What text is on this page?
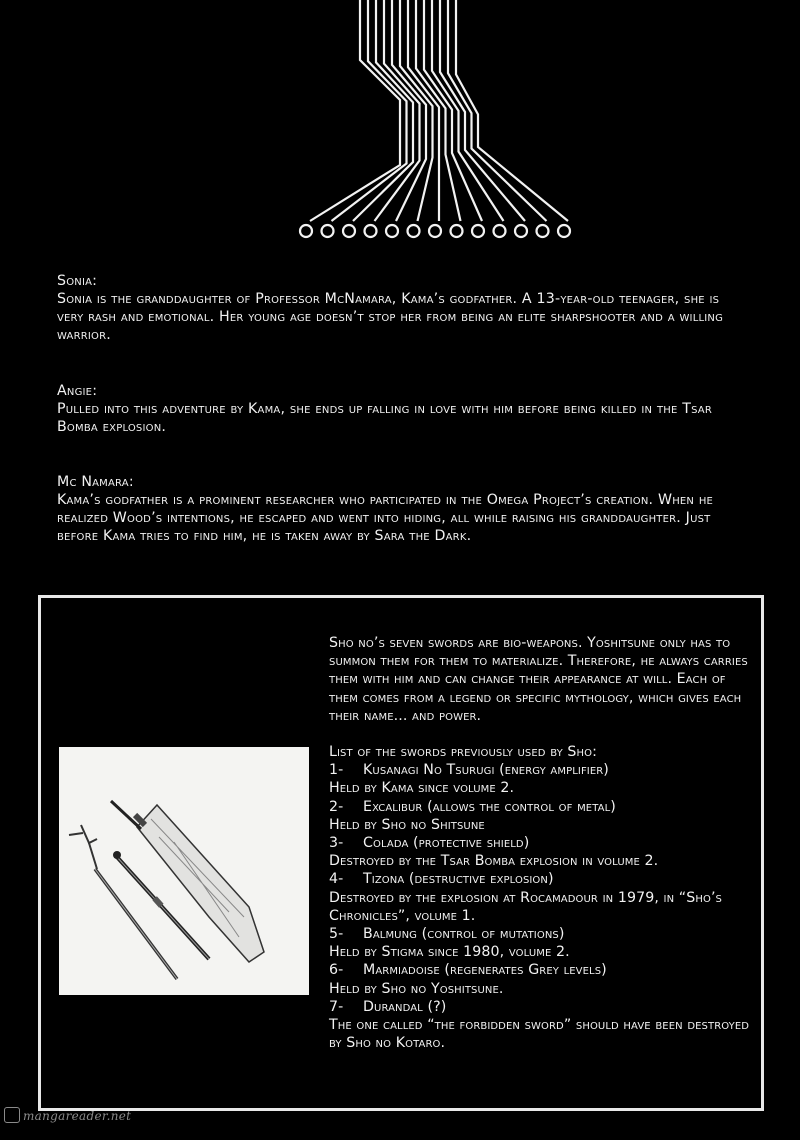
Sonia:
Sonia is the granddaughter of Professor McNamara, Kama’s godfather. A 13-year-old teenager, she is very rash and emotional. Her young age doesn’t stop her from being an elite sharpshooter and a willing warrior.
Angie:
Pulled into this adventure by Kama, she ends up falling in love with him before being killed in the Tsar Bomba explosion.
Mc Namara:
Kama’s godfather is a prominent researcher who participated in the Omega Project’s creation. When he realized Wood’s intentions, he escaped and went into hiding, all while raising his granddaughter. Just before Kama tries to find him, he is taken away by Sara the Dark.

Sho no’s seven swords are bio-weapons. Yoshitsune only has to summon them for them to materialize. Therefore, he always carries them with him and can change their appearance at will. Each of them comes from a legend or specific mythology, which gives each their name... and power.

List of the swords previously used by Sho:

1- Kusanagi No Tsurugi (energy amplifier)

Held by Kama since volume 2.

2- Excalibur (allows the control of metal)

Held by Sho no Shitsune

3- Colada (protective shield)

Destroyed by the Tsar Bomba explosion in volume 2.

4- Tizona (destructive explosion)

Destroyed by the explosion at Rocamadour in 1979, in “Sho’s Chronicles”, volume 1.

5- Balmung (control of mutations)

Held by Stigma since 1980, volume 2.

6- Marmiadoise (regenerates Grey levels)

Held by Sho no Yoshitsune.

7- Durandal (?)

The one called “the forbidden sword” should have been destroyed by Sho no Kotaro.

mangareader.net
